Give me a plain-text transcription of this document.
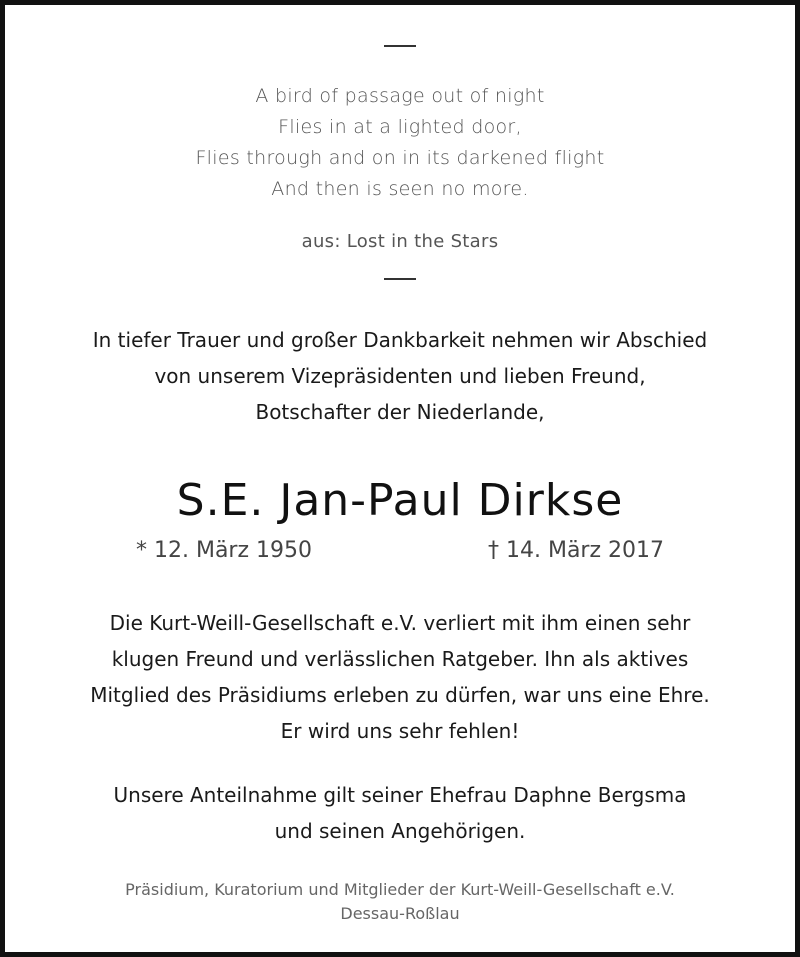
A bird of passage out of night
Flies in at a lighted door,
Flies through and on in its darkened flight
And then is seen no more.
aus: Lost in the Stars
In tiefer Trauer und großer Dankbarkeit nehmen wir Abschied
von unserem Vizepräsidenten und lieben Freund,
Botschafter der Niederlande,
S.E. Jan-Paul Dirkse
* 12. März 1950	† 14. März 2017
Die Kurt-Weill-Gesellschaft e.V. verliert mit ihm einen sehr
klugen Freund und verlässlichen Ratgeber. Ihn als aktives
Mitglied des Präsidiums erleben zu dürfen, war uns eine Ehre.
Er wird uns sehr fehlen!
Unsere Anteilnahme gilt seiner Ehefrau Daphne Bergsma
und seinen Angehörigen.
Präsidium, Kuratorium und Mitglieder der Kurt-Weill-Gesellschaft e.V.
Dessau-Roßlau
